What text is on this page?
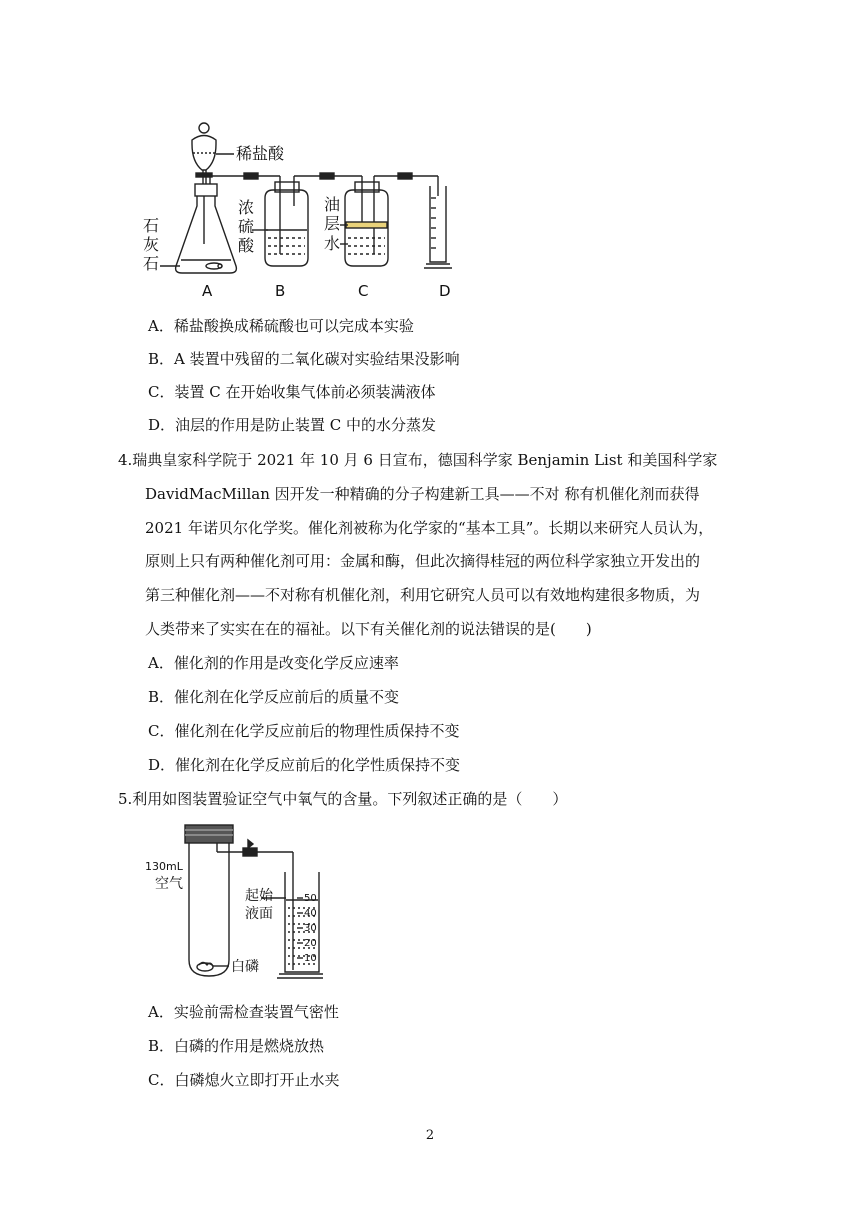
稀盐酸
石
灰
石
浓
硫
酸
油
层
水
A	B	C	D
A．稀盐酸换成稀硫酸也可以完成本实验
B．A 装置中残留的二氧化碳对实验结果没影响
C．装置 C 在开始收集气体前必须装满液体
D．油层的作用是防止装置 C 中的水分蒸发
4.瑞典皇家科学院于 2021 年 10 月 6 日宣布，德国科学家 Benjamin List 和美国科学家
DavidMacMillan 因开发一种精确的分子构建新工具——不对 称有机催化剂而获得
2021 年诺贝尔化学奖。催化剂被称为化学家的“基本工具”。长期以来研究人员认为，
原则上只有两种催化剂可用：金属和酶，但此次摘得桂冠的两位科学家独立开发出的
第三种催化剂——不对称有机催化剂，利用它研究人员可以有效地构建很多物质，为
人类带来了实实在在的福祉。以下有关催化剂的说法错误的是(　　)
A．催化剂的作用是改变化学反应速率
B．催化剂在化学反应前后的质量不变
C．催化剂在化学反应前后的物理性质保持不变
D．催化剂在化学反应前后的化学性质保持不变
5.利用如图装置验证空气中氧气的含量。下列叙述正确的是（　　）
130mL
空气
起始
液面
白磷
50
40
30
20
10
A．实验前需检查装置气密性
B．白磷的作用是燃烧放热
C．白磷熄火立即打开止水夹
2
